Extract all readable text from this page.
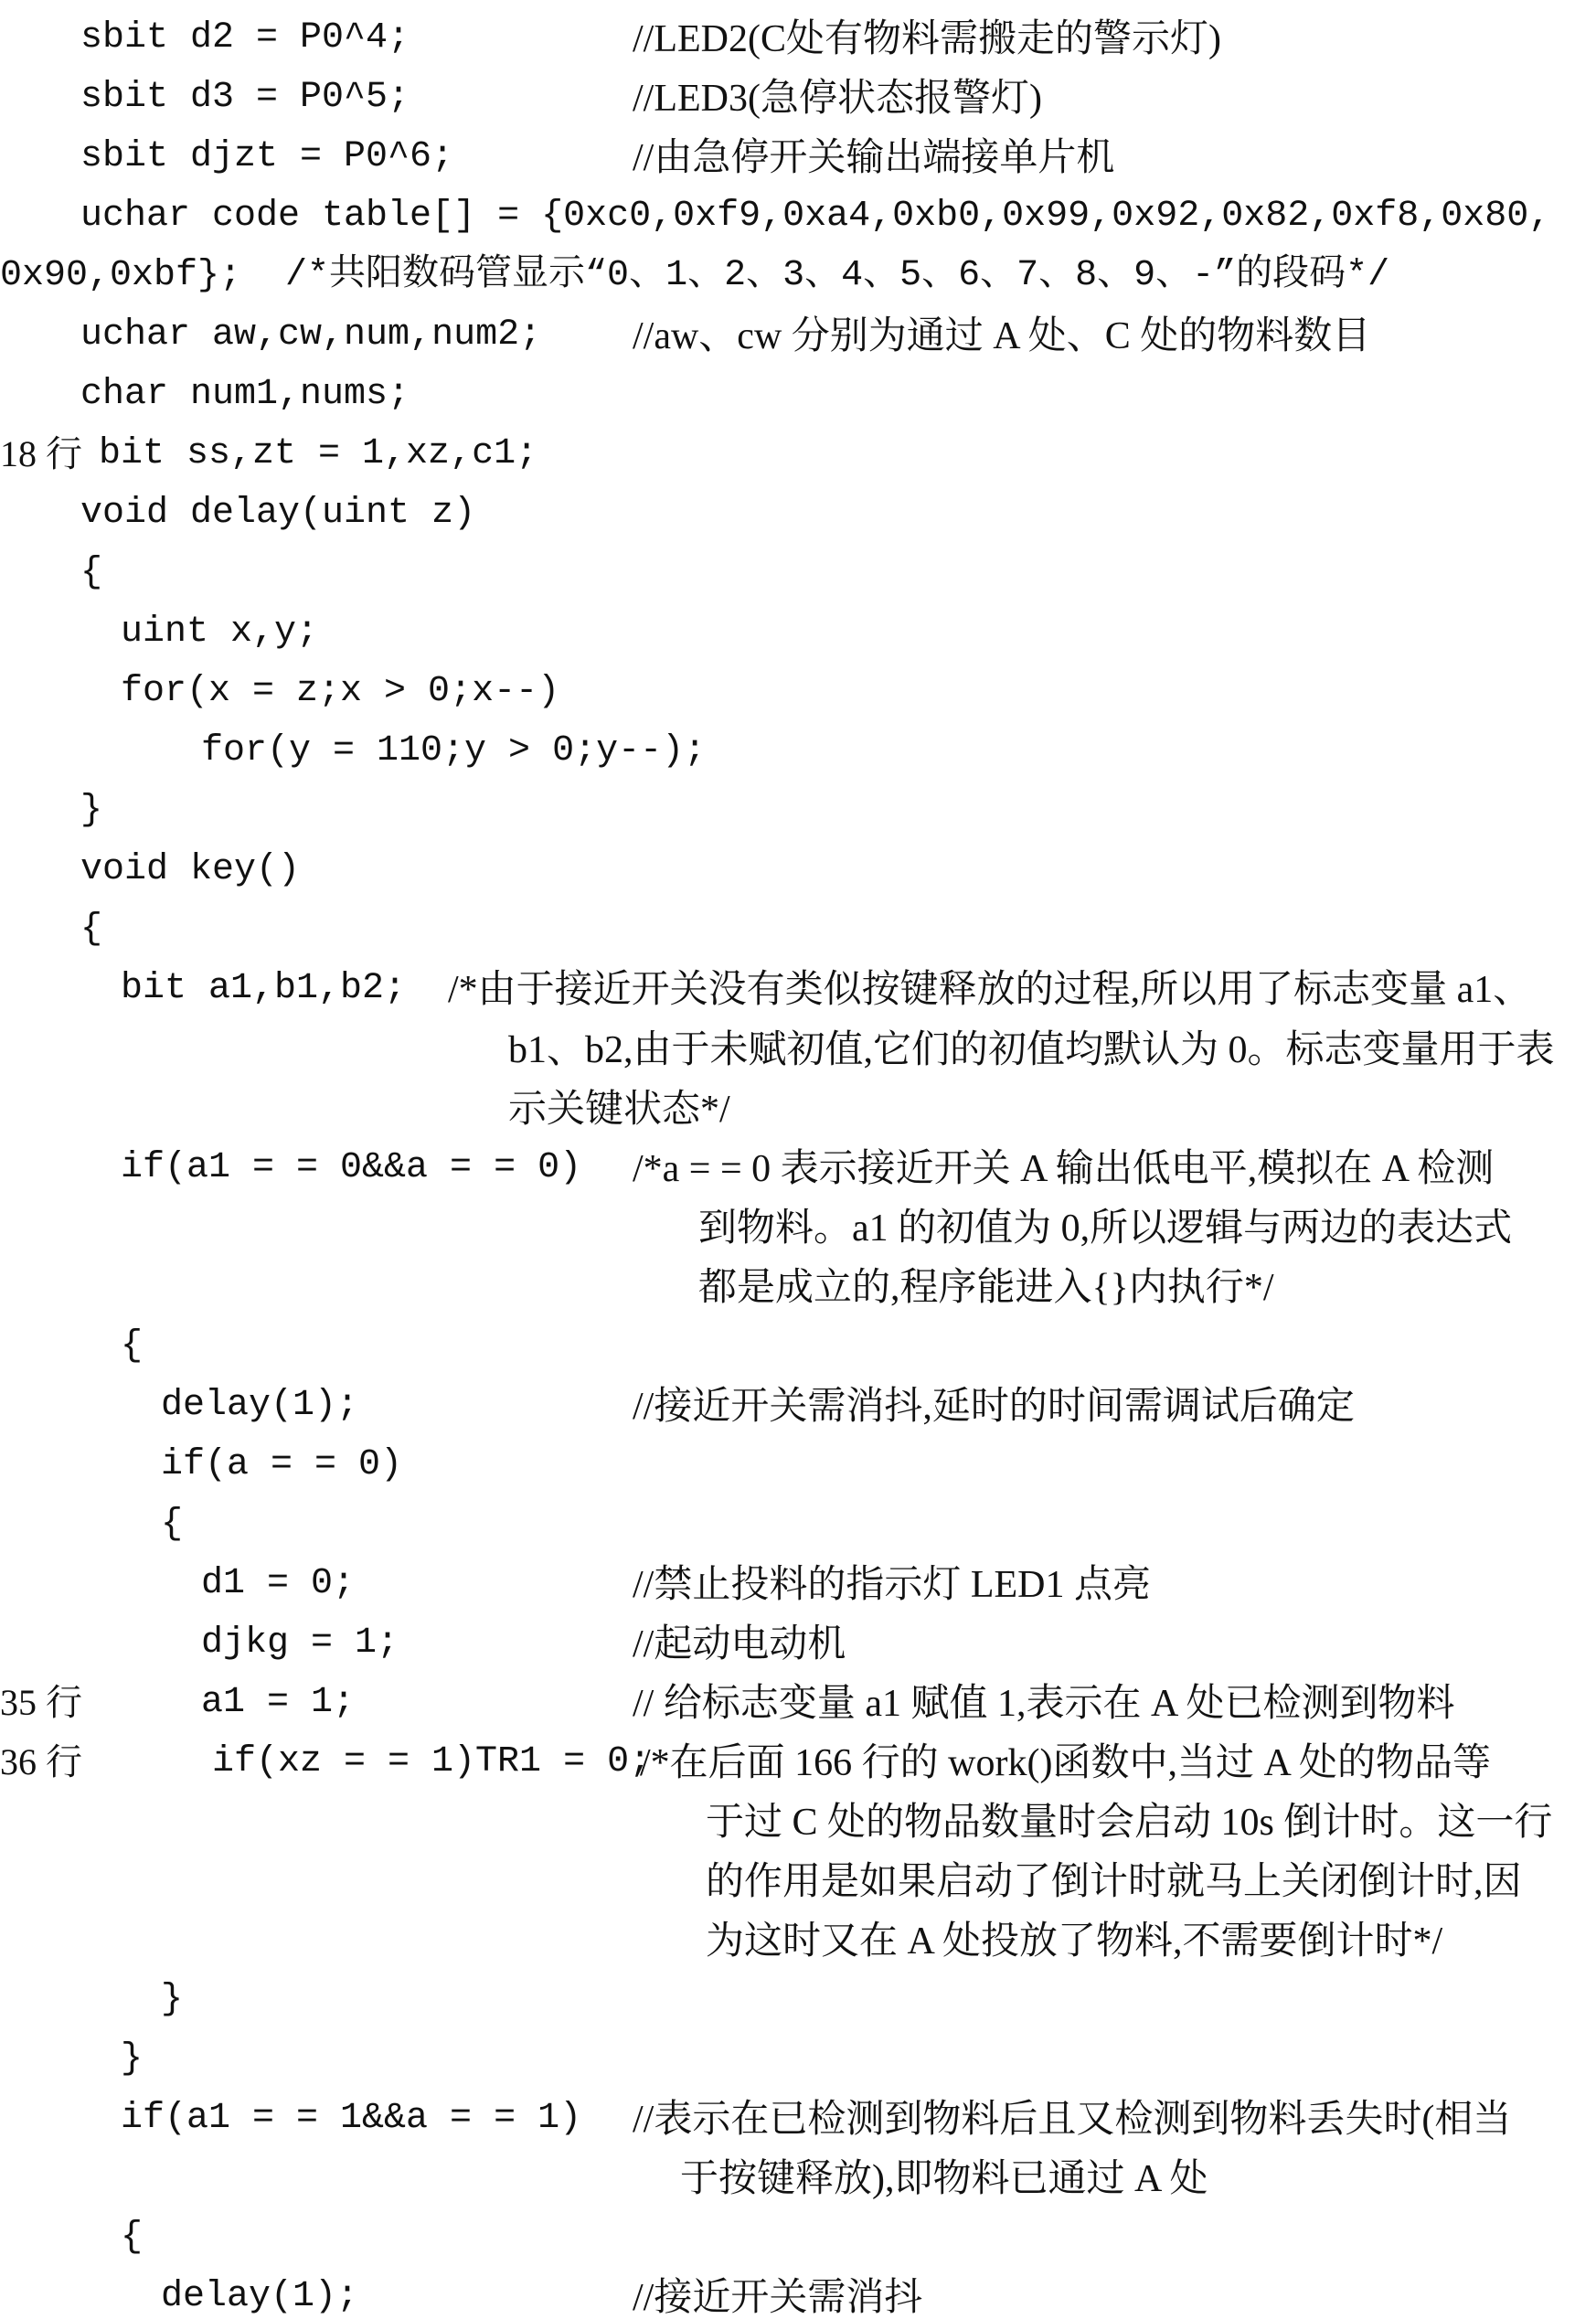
sbit d2 = P0^4;	//LED2(C处有物料需搬走的警示灯)
sbit d3 = P0^5;	//LED3(急停状态报警灯)
sbit djzt = P0^6;	//由急停开关输出端接单片机
uchar code table[] = {0xc0,0xf9,0xa4,0xb0,0x99,0x92,0x82,0xf8,0x80,
0x90,0xbf};  /*共阳数码管显示“0、1、2、3、4、5、6、7、8、9、-”的段码*/
uchar aw,cw,num,num2; //aw、cw 分别为通过 A 处、C 处的物料数目
char num1,nums;
18 行 bit ss,zt = 1,xz,c1;
void delay(uint z)
{
uint x,y;
for(x = z;x > 0;x--)
for(y = 110;y > 0;y--);
}
void key()
{
bit a1,b1,b2; /*由于接近开关没有类似按键释放的过程,所以用了标志变量 a1、
b1、b2,由于未赋初值,它们的初值均默认为 0。标志变量用于表
示关键状态*/
if(a1 = = 0&&a = = 0) /*a = = 0 表示接近开关 A 输出低电平,模拟在 A 检测
到物料。a1 的初值为 0,所以逻辑与两边的表达式
都是成立的,程序能进入{}内执行*/
{
delay(1);	//接近开关需消抖,延时的时间需调试后确定
if(a = = 0)
{
d1 = 0;	//禁止投料的指示灯 LED1 点亮
djkg = 1;	//起动电动机
35 行	a1 = 1;	// 给标志变量 a1 赋值 1,表示在 A 处已检测到物料
36 行	if(xz = = 1)TR1 = 0;
/*在后面 166 行的 work()函数中,当过 A 处的物品等
于过 C 处的物品数量时会启动 10s 倒计时。这一行
的作用是如果启动了倒计时就马上关闭倒计时,因
为这时又在 A 处投放了物料,不需要倒计时*/
}
}
if(a1 = = 1&&a = = 1) //表示在已检测到物料后且又检测到物料丢失时(相当
于按键释放),即物料已通过 A 处
{
delay(1);	//接近开关需消抖
